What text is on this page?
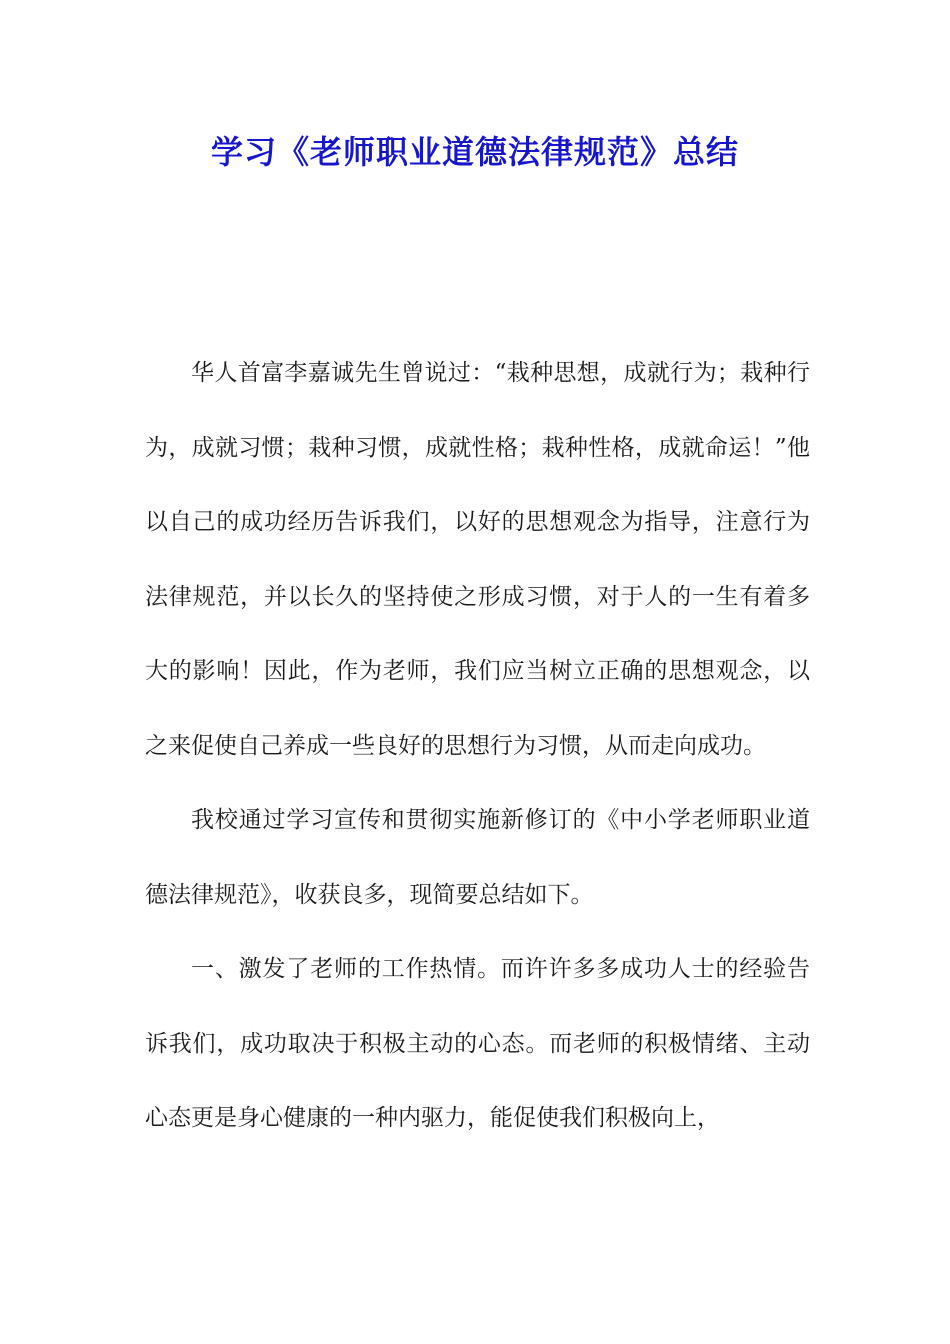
学习《老师职业道德法律规范》总结

华人首富李嘉诚先生曾说过：“栽种思想，成就行为；栽种行为，成就习惯；栽种习惯，成就性格；栽种性格，成就命运！”他以自己的成功经历告诉我们，以好的思想观念为指导，注意行为法律规范，并以长久的坚持使之形成习惯，对于人的一生有着多大的影响！因此，作为老师，我们应当树立正确的思想观念，以之来促使自己养成一些良好的思想行为习惯，从而走向成功。

我校通过学习宣传和贯彻实施新修订的《中小学老师职业道德法律规范》，收获良多，现简要总结如下。

一、激发了老师的工作热情。而许许多多成功人士的经验告诉我们，成功取决于积极主动的心态。而老师的积极情绪、主动心态更是身心健康的一种内驱力，能促使我们积极向上，
